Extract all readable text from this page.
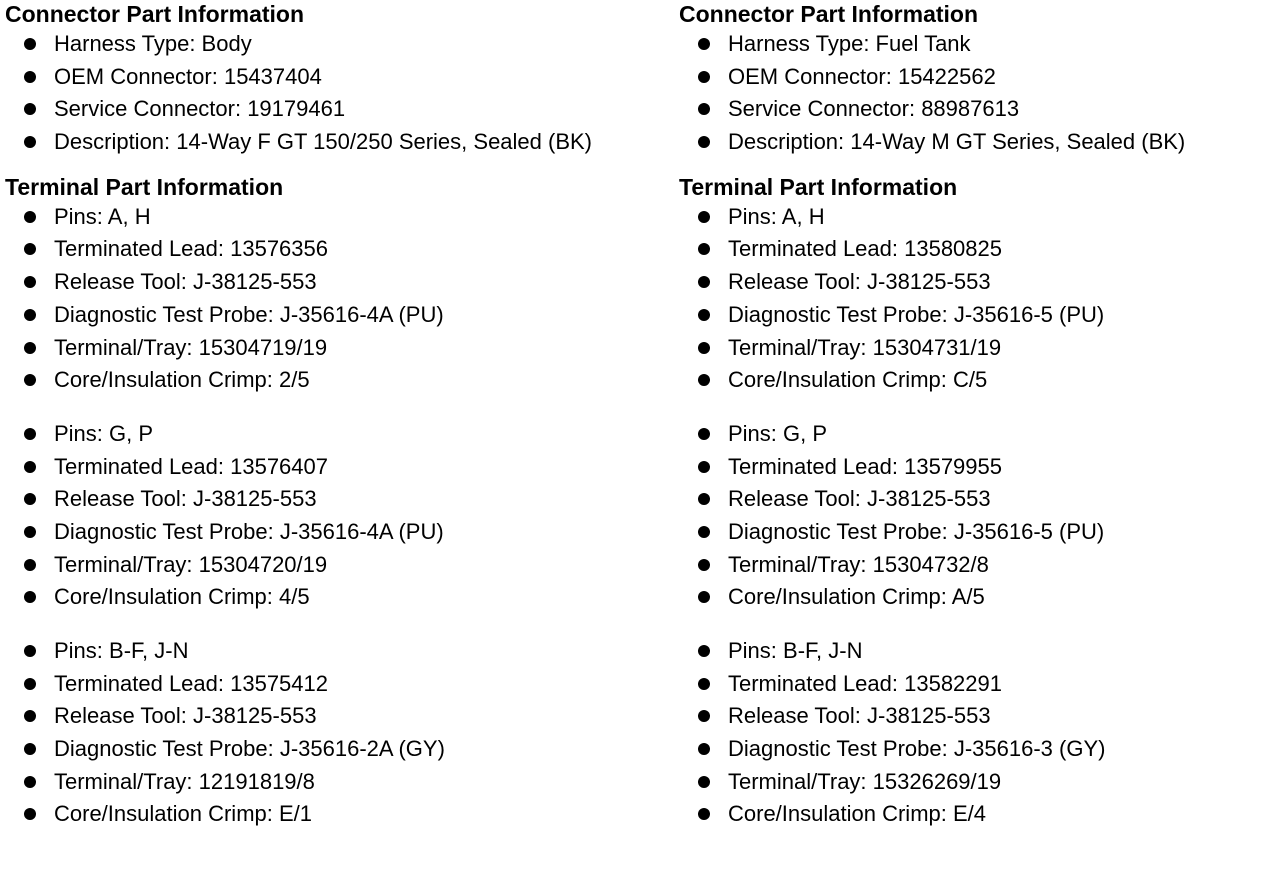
Connector Part Information
Harness Type: Body
OEM Connector: 15437404
Service Connector: 19179461
Description: 14-Way F GT 150/250 Series, Sealed (BK)
Terminal Part Information
Pins: A, H
Terminated Lead: 13576356
Release Tool: J-38125-553
Diagnostic Test Probe: J-35616-4A (PU)
Terminal/Tray: 15304719/19
Core/Insulation Crimp: 2/5
Pins: G, P
Terminated Lead: 13576407
Release Tool: J-38125-553
Diagnostic Test Probe: J-35616-4A (PU)
Terminal/Tray: 15304720/19
Core/Insulation Crimp: 4/5
Pins: B-F, J-N
Terminated Lead: 13575412
Release Tool: J-38125-553
Diagnostic Test Probe: J-35616-2A (GY)
Terminal/Tray: 12191819/8
Core/Insulation Crimp: E/1
Connector Part Information
Harness Type: Fuel Tank
OEM Connector: 15422562
Service Connector: 88987613
Description: 14-Way M GT Series, Sealed (BK)
Terminal Part Information
Pins: A, H
Terminated Lead: 13580825
Release Tool: J-38125-553
Diagnostic Test Probe: J-35616-5 (PU)
Terminal/Tray: 15304731/19
Core/Insulation Crimp: C/5
Pins: G, P
Terminated Lead: 13579955
Release Tool: J-38125-553
Diagnostic Test Probe: J-35616-5 (PU)
Terminal/Tray: 15304732/8
Core/Insulation Crimp: A/5
Pins: B-F, J-N
Terminated Lead: 13582291
Release Tool: J-38125-553
Diagnostic Test Probe: J-35616-3 (GY)
Terminal/Tray: 15326269/19
Core/Insulation Crimp: E/4
